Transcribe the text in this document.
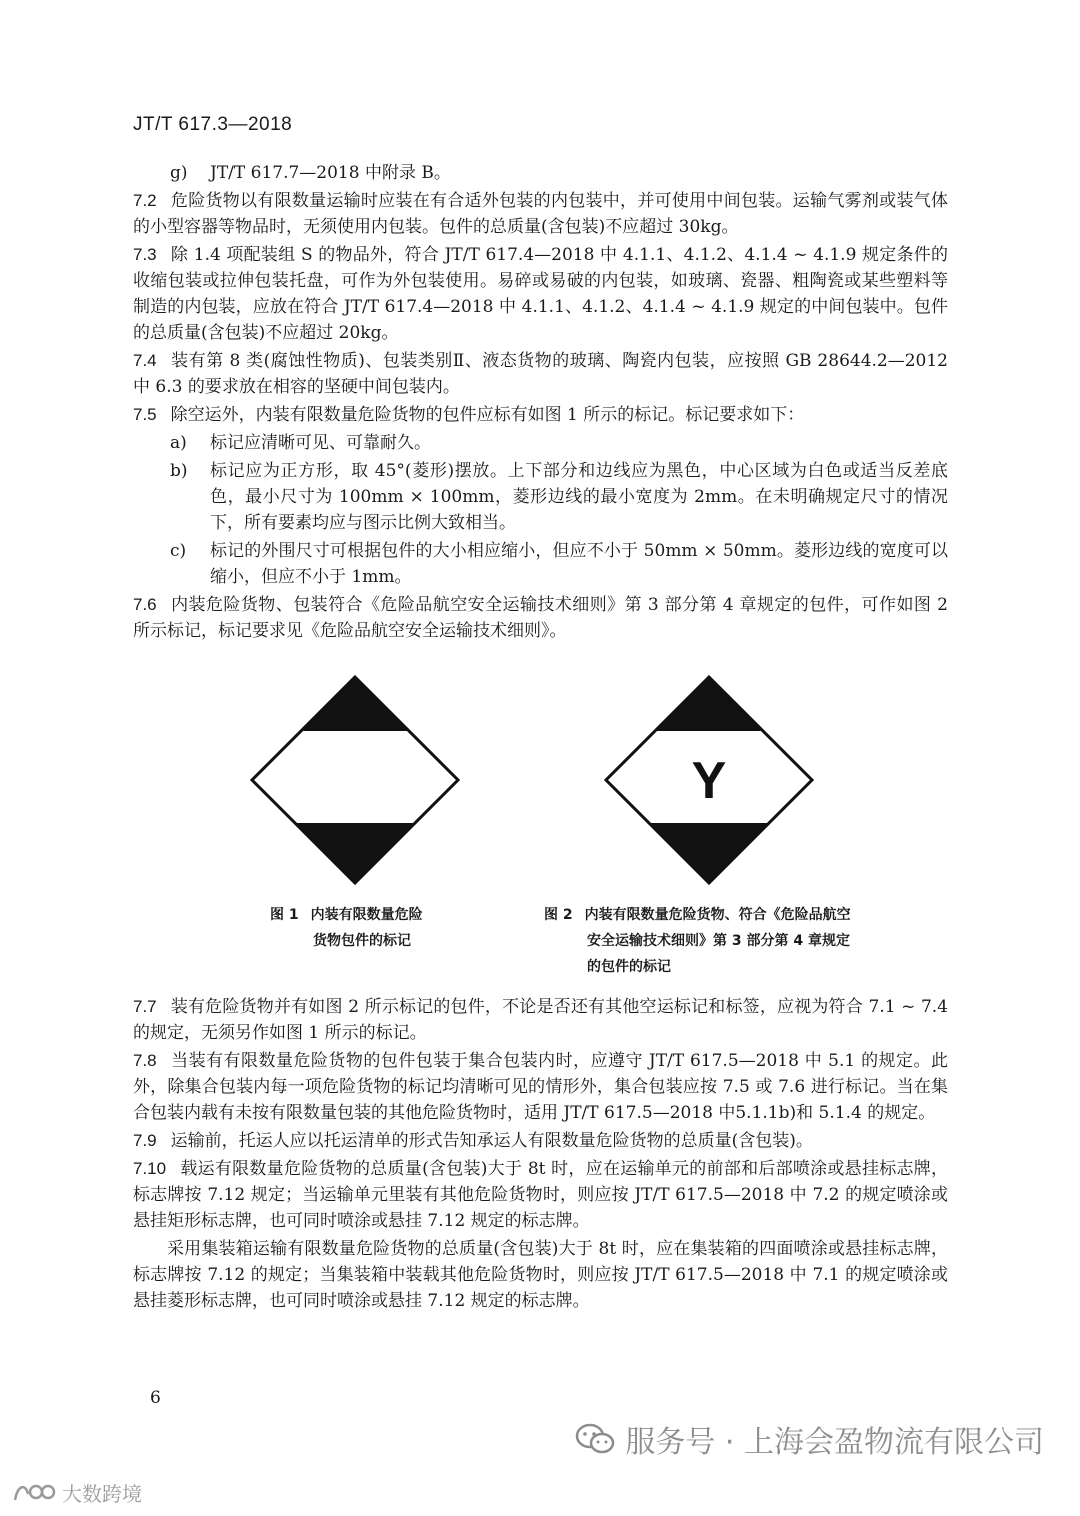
JT/T 617.3—2018
g) JT/T 617.7—2018 中附录 B。

7.2 危险货物以有限数量运输时应装在有合适外包装的内包装中，并可使用中间包装。运输气雾剂或装气体的小型容器等物品时，无须使用内包装。包件的总质量(含包装)不应超过 30kg。

7.3 除 1.4 项配装组 S 的物品外，符合 JT/T 617.4—2018 中 4.1.1、4.1.2、4.1.4 ~ 4.1.9 规定条件的收缩包装或拉伸包装托盘，可作为外包装使用。易碎或易破的内包装，如玻璃、瓷器、粗陶瓷或某些塑料等制造的内包装，应放在符合 JT/T 617.4—2018 中 4.1.1、4.1.2、4.1.4 ~ 4.1.9 规定的中间包装中。包件的总质量(含包装)不应超过 20kg。

7.4 装有第 8 类(腐蚀性物质)、包装类别Ⅱ、液态货物的玻璃、陶瓷内包装，应按照 GB 28644.2—2012 中 6.3 的要求放在相容的坚硬中间包装内。

7.5 除空运外，内装有限数量危险货物的包件应标有如图 1 所示的标记。标记要求如下：

a) 标记应清晰可见、可靠耐久。
b) 标记应为正方形，取 45°(菱形)摆放。上下部分和边线应为黑色，中心区域为白色或适当反差底色，最小尺寸为 100mm × 100mm，菱形边线的最小宽度为 2mm。在未明确规定尺寸的情况下，所有要素均应与图示比例大致相当。
c) 标记的外围尺寸可根据包件的大小相应缩小，但应不小于 50mm × 50mm。菱形边线的宽度可以缩小，但应不小于 1mm。

7.6 内装危险货物、包装符合《危险品航空安全运输技术细则》第 3 部分第 4 章规定的包件，可作如图 2 所示标记，标记要求见《危险品航空安全运输技术细则》。

Y
图 1 内装有限数量危险
货物包件的标记
图 2 内装有限数量危险货物、符合《危险品航空
安全运输技术细则》第 3 部分第 4 章规定
的包件的标记

7.7 装有危险货物并有如图 2 所示标记的包件，不论是否还有其他空运标记和标签，应视为符合 7.1 ~ 7.4 的规定，无须另作如图 1 所示的标记。

7.8 当装有有限数量危险货物的包件包装于集合包装内时，应遵守 JT/T 617.5—2018 中 5.1 的规定。此外，除集合包装内每一项危险货物的标记均清晰可见的情形外，集合包装应按 7.5 或 7.6 进行标记。当在集合包装内载有未按有限数量包装的其他危险货物时，适用 JT/T 617.5—2018 中5.1.1b)和 5.1.4 的规定。

7.9 运输前，托运人应以托运清单的形式告知承运人有限数量危险货物的总质量(含包装)。

7.10 载运有限数量危险货物的总质量(含包装)大于 8t 时，应在运输单元的前部和后部喷涂或悬挂标志牌，标志牌按 7.12 规定；当运输单元里装有其他危险货物时，则应按 JT/T 617.5—2018 中 7.2 的规定喷涂或悬挂矩形标志牌，也可同时喷涂或悬挂 7.12 规定的标志牌。

采用集装箱运输有限数量危险货物的总质量(含包装)大于 8t 时，应在集装箱的四面喷涂或悬挂标志牌，标志牌按 7.12 的规定；当集装箱中装载其他危险货物时，则应按 JT/T 617.5—2018 中 7.1 的规定喷涂或悬挂菱形标志牌，也可同时喷涂或悬挂 7.12 规定的标志牌。

6
服务号 · 上海会盈物流有限公司
大数跨境
